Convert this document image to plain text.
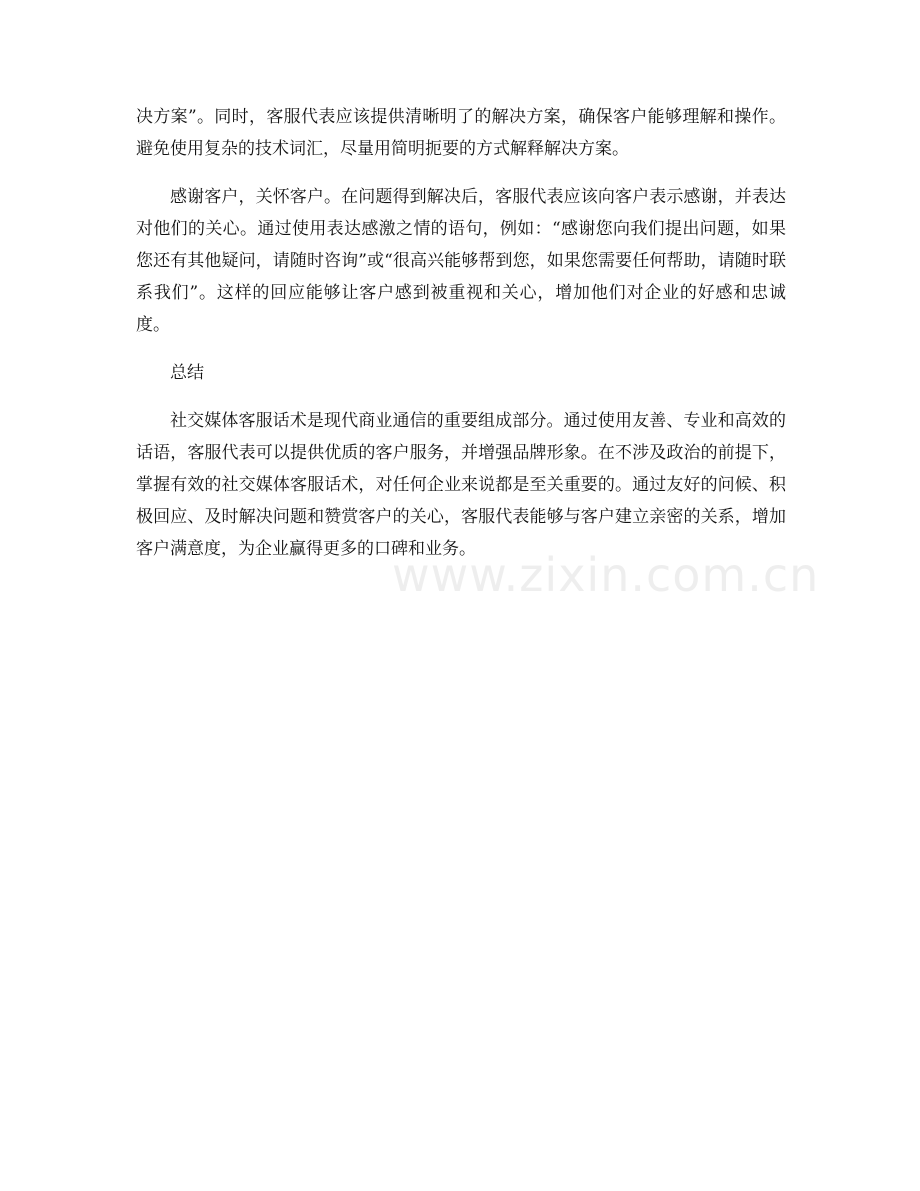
决方案”。同时，客服代表应该提供清晰明了的解决方案，确保客户能够理解和操作。避免使用复杂的技术词汇，尽量用简明扼要的方式解释解决方案。

感谢客户，关怀客户。在问题得到解决后，客服代表应该向客户表示感谢，并表达对他们的关心。通过使用表达感激之情的语句，例如：“感谢您向我们提出问题，如果您还有其他疑问，请随时咨询”或“很高兴能够帮到您，如果您需要任何帮助，请随时联系我们”。这样的回应能够让客户感到被重视和关心，增加他们对企业的好感和忠诚度。

总结

社交媒体客服话术是现代商业通信的重要组成部分。通过使用友善、专业和高效的话语，客服代表可以提供优质的客户服务，并增强品牌形象。在不涉及政治的前提下，掌握有效的社交媒体客服话术，对任何企业来说都是至关重要的。通过友好的问候、积极回应、及时解决问题和赞赏客户的关心，客服代表能够与客户建立亲密的关系，增加客户满意度，为企业赢得更多的口碑和业务。

www.zixin.com.cn
